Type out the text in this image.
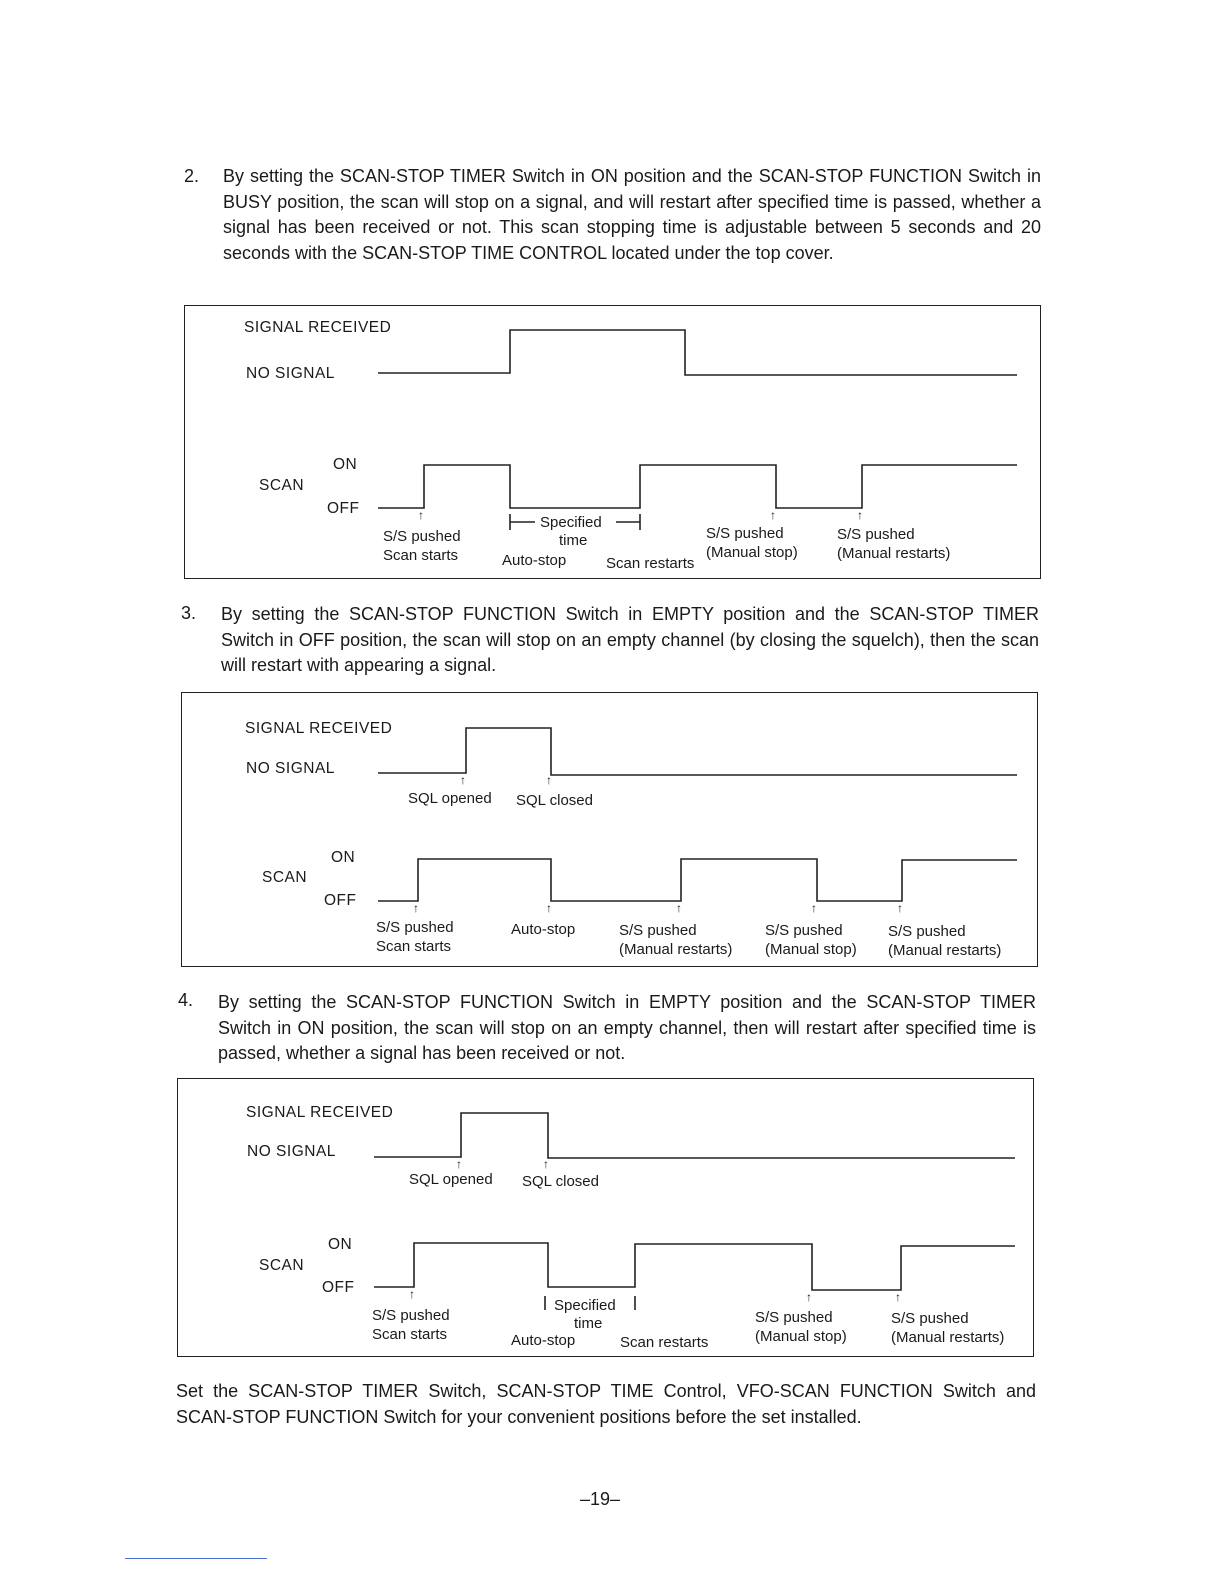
2. By setting the SCAN-STOP TIMER Switch in ON position and the SCAN-STOP FUNCTION Switch in BUSY position, the scan will stop on a signal, and will restart after specified time is passed, whether a signal has been received or not. This scan stopping time is adjustable between 5 seconds and 20 seconds with the SCAN-STOP TIME CONTROL located under the top cover.
SIGNAL RECEIVED
NO SIGNAL
ON
SCAN
OFF	↑	↑	↑
S/S pushed
Scan starts
Specified
time
Auto-stop	Scan restarts
S/S pushed
(Manual stop)
S/S pushed
(Manual restarts)
3. By setting the SCAN-STOP FUNCTION Switch in EMPTY position and the SCAN-STOP TIMER Switch in OFF position, the scan will stop on an empty channel (by closing the squelch), then the scan will restart with appearing a signal.
SIGNAL RECEIVED
NO SIGNAL
↑	↑
SQL opened SQL closed
ON
SCAN
OFF	↑	↑	↑	↑	↑
S/S pushed
Scan starts
Auto-stop	S/S pushed
(Manual restarts)
S/S pushed
(Manual stop)
S/S pushed
(Manual restarts)
4. By setting the SCAN-STOP FUNCTION Switch in EMPTY position and the SCAN-STOP TIMER Switch in ON position, the scan will stop on an empty channel, then will restart after specified time is passed, whether a signal has been received or not.
SIGNAL RECEIVED
NO SIGNAL
↑	↑
SQL opened SQL closed
ON
SCAN
OFF	↑	↑	↑
S/S pushed
Scan starts
Specified
time
Auto-stop	Scan restarts
S/S pushed
(Manual stop)
S/S pushed
(Manual restarts)
Set the SCAN-STOP TIMER Switch, SCAN-STOP TIME Control, VFO-SCAN FUNCTION Switch and SCAN-STOP FUNCTION Switch for your convenient positions before the set installed.
–19–
